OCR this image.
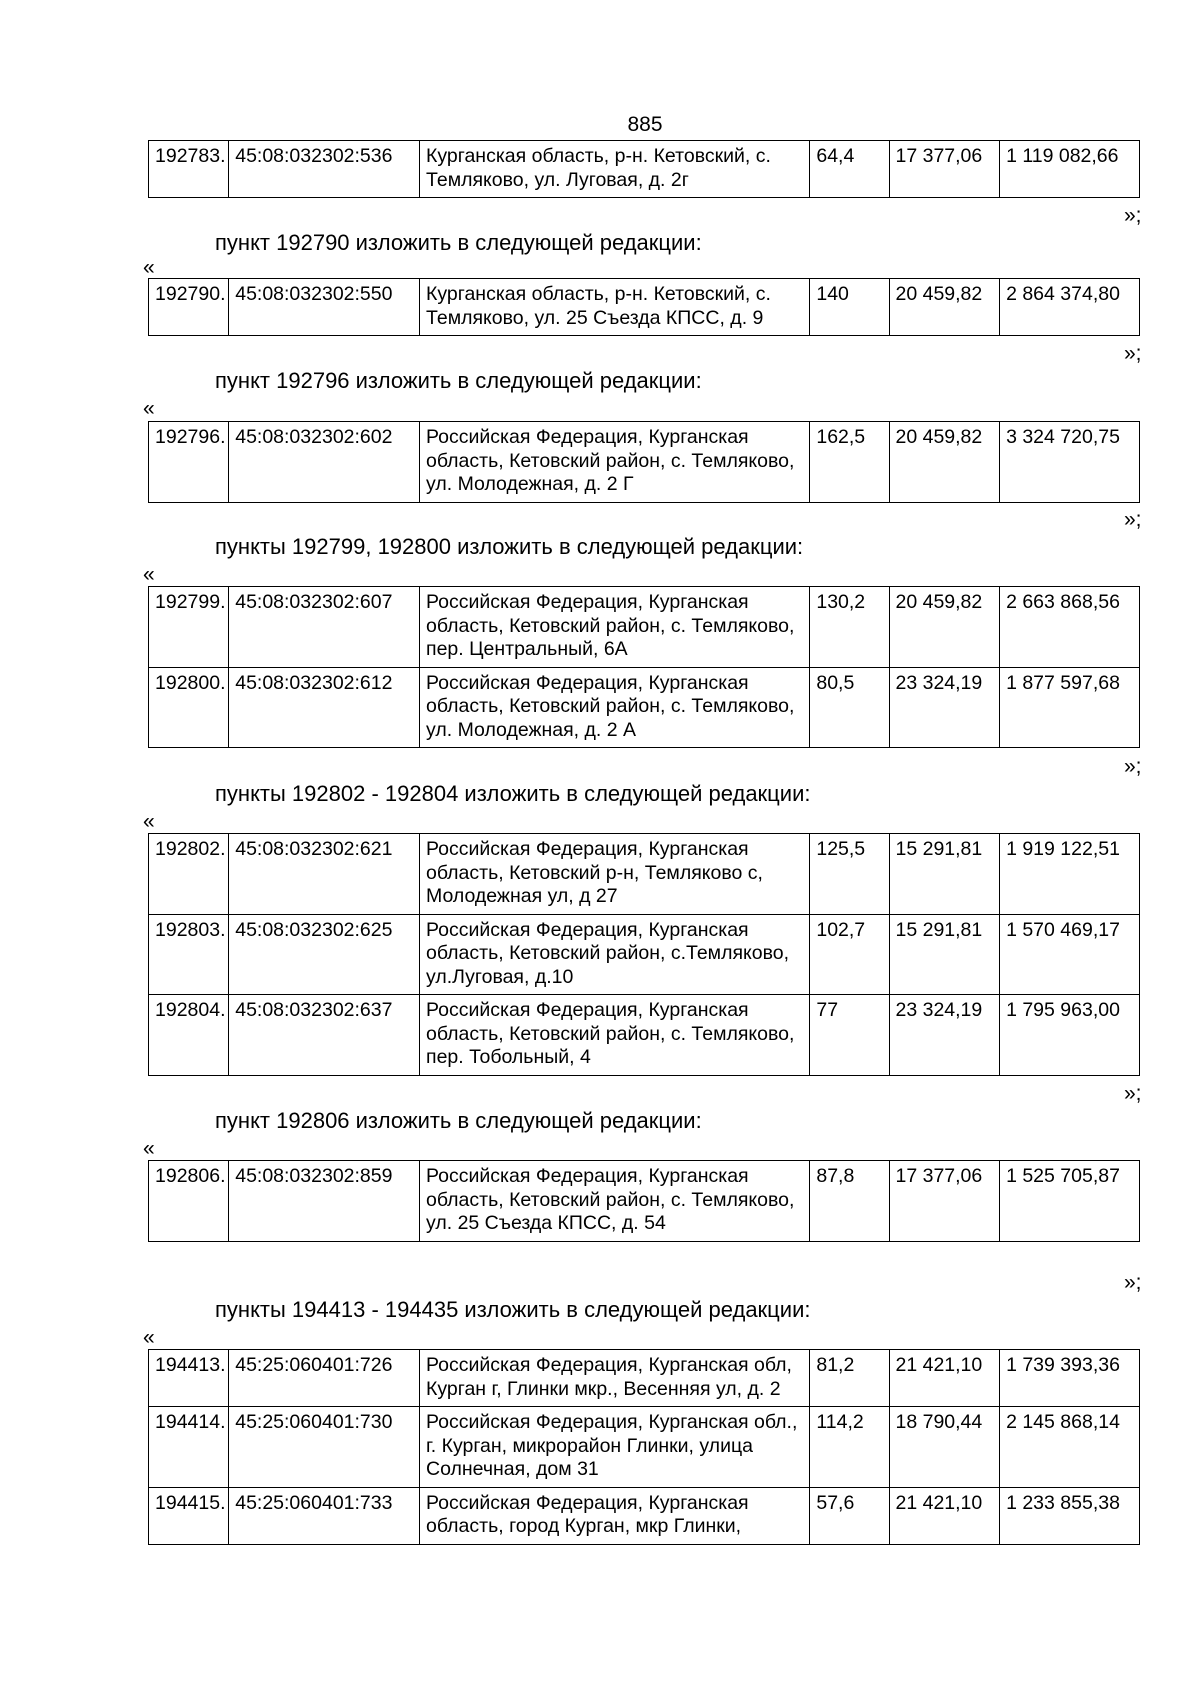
885
192783.	45:08:032302:536	Курганская область, р-н. Кетовский, с. Темляково, ул. Луговая, д. 2г	64,4	17 377,06	1 119 082,66
»;
пункт 192790 изложить в следующей редакции:
«
192790.	45:08:032302:550	Курганская область, р-н. Кетовский, с. Темляково, ул. 25 Съезда КПСС, д. 9	140	20 459,82	2 864 374,80
»;
пункт 192796 изложить в следующей редакции:
«
192796.	45:08:032302:602	Российская Федерация, Курганская область, Кетовский район, с. Темляково, ул. Молодежная, д. 2 Г	162,5	20 459,82	3 324 720,75
»;
пункты 192799, 192800 изложить в следующей редакции:
«
192799.	45:08:032302:607	Российская Федерация, Курганская область, Кетовский район, с. Темляково, пер. Центральный, 6А	130,2	20 459,82	2 663 868,56
192800.	45:08:032302:612	Российская Федерация, Курганская область, Кетовский район, с. Темляково, ул. Молодежная, д. 2 А	80,5	23 324,19	1 877 597,68
»;
пункты 192802 - 192804 изложить в следующей редакции:
«
192802.	45:08:032302:621	Российская Федерация, Курганская область, Кетовский р-н, Темляково с, Молодежная ул, д 27	125,5	15 291,81	1 919 122,51
192803.	45:08:032302:625	Российская Федерация, Курганская область, Кетовский район, с.Темляково, ул.Луговая, д.10	102,7	15 291,81	1 570 469,17
192804.	45:08:032302:637	Российская Федерация, Курганская область, Кетовский район, с. Темляково, пер. Тобольный, 4	77	23 324,19	1 795 963,00
»;
пункт 192806 изложить в следующей редакции:
«
192806.	45:08:032302:859	Российская Федерация, Курганская область, Кетовский район, с. Темляково, ул. 25 Съезда КПСС, д. 54	87,8	17 377,06	1 525 705,87
»;
пункты 194413 - 194435 изложить в следующей редакции:
«
194413.	45:25:060401:726	Российская Федерация, Курганская обл, Курган г, Глинки мкр., Весенняя ул, д. 2	81,2	21 421,10	1 739 393,36
194414.	45:25:060401:730	Российская Федерация, Курганская обл., г. Курган, микрорайон Глинки, улица Солнечная, дом 31	114,2	18 790,44	2 145 868,14
194415.	45:25:060401:733	Российская Федерация, Курганская область, город Курган, мкр Глинки,	57,6	21 421,10	1 233 855,38
